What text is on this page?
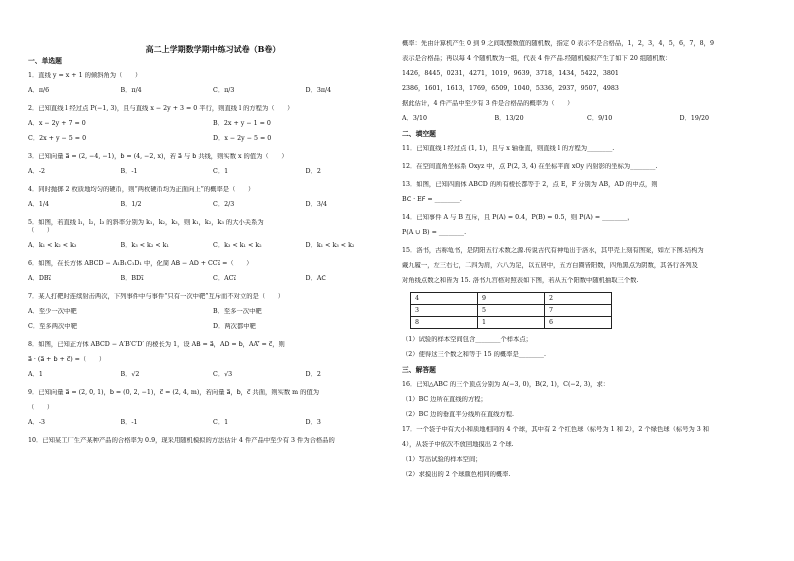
高二上学期数学期中练习试卷（B卷）
一、单选题
1．直线 y = x + 1 的倾斜角为（　　）
A．π/6	B．π/4	C．π/3	D．3π/4
2．已知直线 l 经过点 P(−1, 3)，且与直线 x − 2y + 3 = 0 平行，则直线 l 的方程为（　　）
A．x − 2y + 7 = 0	B．2x + y − 1 = 0
C．2x + y − 5 = 0	D．x − 2y − 5 = 0
3．已知向量 a⃗ = (2, −4, −1)，b⃗ = (4, −2, x)，若 a⃗ 与 b⃗ 共线，则实数 x 的值为（　　）
A．-2	B．-1	C．1	D．2
4．同时抛掷 2 枚质地均匀的硬币，则“两枚硬币均为正面向上”的概率是（　　）
A．1/4	B．1/2	C．2/3	D．3/4
5．如图，若直线 l₁，l₂，l₃ 的斜率分别为 k₁，k₂，k₃，则 k₁，k₂，k₃ 的大小关系为
（　　）
A．k₁ < k₂ < k₃	B．k₃ < k₂ < k₁	C．k₃ < k₁ < k₂	D．k₁ < k₃ < k₂
6．如图，在长方体 ABCD − A₁B₁C₁D₁ 中，化简 AB⃗ − AD⃗ + CC₁⃗ =（　　）
A．DB₁⃗	B．BD₁⃗	C．AC₁⃗	D．AC⃗
7．某人打靶时连续射击两次，下列事件中与事件“只有一次中靶”互斥而不对立的是（　　）
A．至少一次中靶	B．至多一次中靶
C．至多两次中靶	D．两次都中靶
8．如图，已知正方体 ABCD − A′B′C′D′ 的棱长为 1，设 AB⃗ = a⃗，AD⃗ = b⃗，AA′⃗ = c⃗，则
a⃗ · (a⃗ + b⃗ + c⃗) =（　　）
A．1	B．√2	C．√3	D．2
9．已知向量 a⃗ = (2, 0, 1)，b⃗ = (0, 2, −1)，c⃗ = (2, 4, m)，若向量 a⃗，b⃗，c⃗ 共面，则实数 m 的值为
（　　）
A．-3	B．-1	C．1	D．3
10．已知某工厂生产某种产品的合格率为 0.9，现采用随机模拟的方法估计 4 件产品中至少有 3 件为合格品的
概率：先由计算机产生 0 到 9 之间取整数值的随机数，指定 0 表示不是合格品，1，2，3，4，5，6，7，8，9
表示是合格品；再以每 4 个随机数为一组，代表 4 件产品.经随机模拟产生了如下 20 组随机数：
1426，8445，0231，4271，1019，9639，3718，1434，5422，3801
2386，1601，1613，1769，6509，1040，5336，2937，9507，4983
据此估计，4 件产品中至少有 3 件是合格品的概率为（　　）
A．3/10	B．13/20	C．9/10	D．19/20
二、填空题
11．已知直线 l 经过点 (1, 1)，且与 x 轴垂直，则直线 l 的方程为________.
12．在空间直角坐标系 Oxyz 中，点 P(2, 3, 4) 在坐标平面 xOy 内射影的坐标为________.
13．如图，已知四面体 ABCD 的所有棱长都等于 2，点 E，F 分别为 AB，AD 的中点，则
BC⃗ · EF⃗ = ________.
14．已知事件 A 与 B 互斥，且 P(A) = 0.4，P(B) = 0.5，则 P(Ā) = ________，
P(A ∪ B) = ________.
15．洛书，古称龟书，是阴阳五行术数之源.传说古代有神龟出于洛水，其甲壳上刻有图案，如左下图.结构为
戴九履一，左三右七，二四为肩，六八为足，以五居中，五方白圈皆阳数，四角黑点为阴数，其各行各列及
对角线点数之和皆为 15. 洛书九宫格对照表如下图，若从五个阳数中随机抽取三个数.
4	9	2
3	5	7
8	1	6
（1）试验的样本空间包含________个样本点；
（2）使得这三个数之和等于 15 的概率是________.
三、解答题
16．已知△ABC 的三个顶点分别为 A(−3, 0)，B(2, 1)，C(−2, 3)，求：
（1）BC 边所在直线的方程；
（2）BC 边的垂直平分线所在直线方程.
17．一个袋子中有大小和质地相同的 4 个球，其中有 2 个红色球（标号为 1 和 2），2 个绿色球（标号为 3 和
4），从袋子中依次不放回地摸出 2 个球.
（1）写出试验的样本空间；
（2）求摸出的 2 个球颜色相同的概率.
